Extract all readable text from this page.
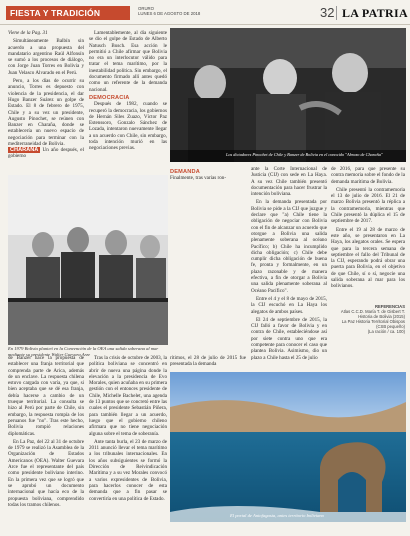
FIESTA Y TRADICIÓN	ORURO
LUNES 6 DE AGOSTO DE 2018	32 LA PATRIA

Viene de la Pag. 31

Simultáneamente Balbín sin acuerdo a una propuesta del mandatario argentino Raúl Alfonsín se sumó a los procesos de diálogo, con Jorge Juan Torres en Bolivia y Juan Velasco Alvarado en el Perú.

Pero, a los días de ocurrir su anuncio, Torres es depuesto con violencia de la presidencia, el dar Hugo Banzer Suárez un golpe de Estado. El 8 de febrero de 1975, Chile y a su vez un presidente, Augusto Pinochet, se reúnen con Banzer en Charaña, donde se establecería un nuevo espacio de negociación para terminar con la mediterraneidad de Bolivia.

Lamentablemente, al día siguiente se dio el golpe de Estado de Alberto Natusch Busch. Esa acción le permitió a Chile afirmar que Bolivia no era un interlocutor válido para tratar el tema marítimo, por la inestabilidad política. Sin embargo, el documento firmado allí antes quedó como un referente de la demanda nacional.

DEMOCRACIA

Después de 1982, cuando se recuperó la democracia, los gobiernos de Hernán Siles Zuazo, Víctor Paz Estenssoro, Gonzalo Sánchez de Lozada, intentaron nuevamente llegar a un acuerdo con Chile, sin embargo, toda intención murió en las negociaciones previas.

CHARAÑA Un año después, el gobierno
DEMANDA
Finalmente, tras varias ron-
Los dictadores Pinochet de Chile y Banzer de Bolivia en el conocido "Abrazo de Charaña"
En 1979 Bolivia planteó en la Convención de la OEA una salida soberana al mar mediante su presidente Walter Guevara Arze

ante la Corte Internacional de Justicia (CIJ) con sede en La Haya. A su vez Chile también presentó documentación para hacer frustrar la intención boliviana.

En la demanda presentada por Bolivia se pide a la CIJ que juzgue y declare que "a) Chile tiene la obligación de negociar con Bolivia con el fin de alcanzar un acuerdo que otorgue a Bolivia una salida plenamente soberana al océano Pacífico; b) Chile ha incumplido dicha obligación; c) Chile debe cumplir dicha obligación de buena fe, pronta y formalmente, en un plazo razonable y de manera efectiva, a fin de otorgar a Bolivia una salida plenamente soberana al Océano Pacífico".

Entre el 4 y el 8 de mayo de 2015, la CIJ escuchó en La Haya los alegatos de ambos países.

El 24 de septiembre de 2015, la CIJ falló a favor de Bolivia y en contra de Chile, estableciéndose así por siete contra uno que era competente para conocer el caso que plantea Bolivia. Asimismo, dio un plazo a Chile hasta el 25 de julio

de 2016, para que presente su contra memoria sobre el fondo de la demanda marítima de Bolivia.

Chile presentó la contramemoria el 13 de julio de 2016. El 21 de marzo Bolivia presentó la réplica a la contramemoria, mientras que Chile presentó la dúplica el 15 de septiembre de 2017.

Entre el 19 al 28 de marzo de este año, se presentaron en La Haya, los alegatos orales. Se espera que para la tercera semana de septiembre el fallo del Tribunal de la CIJ, esperando podrá obrar una puerta para Bolivia, en el objetivo de que Chile, sí o sí, negocie una salida soberana al mar para los bolivianos.

REFERENCIAS
Atlas C.C.D. María T. de Gisbert T.
Historia de Bolivia (2015)
La Paz Historia Territorial Obispos
(CSB pequeño)
(La ración / ca. 100)

de Banzer hace la propuesta de establecer una franja territorial que comprenda parte de Arica, además de un enclave. La respuesta chilena estuvo cargada con varía, ya que, si bien aceptaba que se dé esa franja, debía hacerse a cambio de un trueque territorial. La consulta se hizo al Perú por parte de Chile, sin embargo, la respuesta rompía de los peruanos fue "no". Tras este hecho, Bolivia rompió relaciones diplomáticas.

En La Paz, del 22 al 31 de octubre de 1979 se realizó la Asamblea de la Organización de Estados Americanos (OEA). Walter Guevara Arce fue el representante del país como presidente boliviano interino. En la primera vez que se logró que se aprobó un documento internacional que hacía eco de la propuesta boliviana, comprendido todas los tramos chilenos.

Tras la crisis de octubre de 2003, la política boliviana se concentró en abrir de nueva una página donde la elevación a la presidencia de Evo Morales, quien acuñaba en su primera gestión con el entonces presidente de Chile, Michelle Bachelet, una agenda de 13 puntos que se concretó entre las cuales el presidente Sebastián Piñera, para también llegar a un acuerdo, luego que el gobierno chileno afirmara que no tiene negociación alguna sobre el tema de soberanía.

Ante tanta burla, el 23 de marzo de 2011 anunció llevar el tema marítimo a los tribunales internacionales. En los años subsiguientes se formó la Dirección de Reivindicación Marítima y a su vez Morales convocó a varios expresidentes de Bolivia, para hacerlos conocer de esta demanda que a fin pasar se convertiría en una política de Estado.

rítimos, el 28 de julio de 2015 fue presentada la demanda

El portal de Antofagasta, antes territorio boliviano
